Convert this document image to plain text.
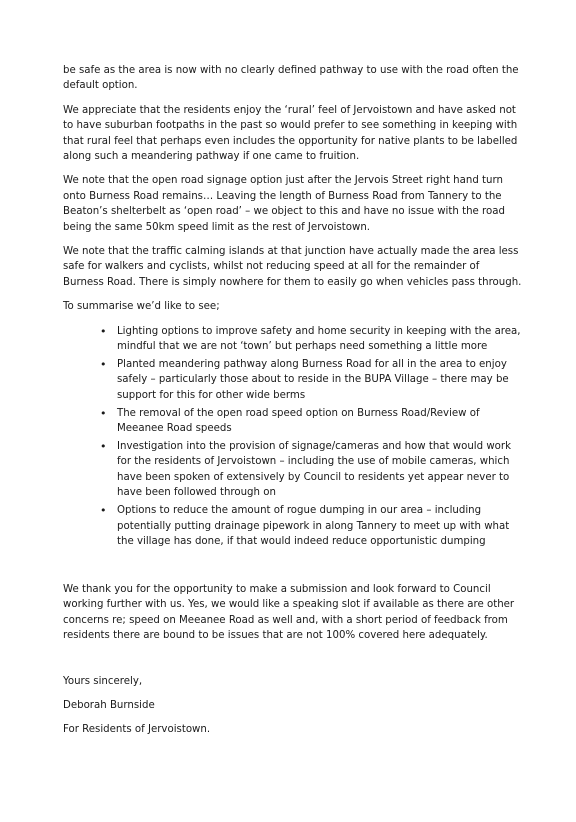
be safe as the area is now with no clearly defined pathway to use with the road often the default option.

We appreciate that the residents enjoy the ‘rural’ feel of Jervoistown and have asked not to have suburban footpaths in the past so would prefer to see something in keeping with that rural feel that perhaps even includes the opportunity for native plants to be labelled along such a meandering pathway if one came to fruition.

We note that the open road signage option just after the Jervois Street right hand turn onto Burness Road remains… Leaving the length of Burness Road from Tannery to the Beaton’s shelterbelt as ‘open road’ – we object to this and have no issue with the road being the same 50km speed limit as the rest of Jervoistown.

We note that the traffic calming islands at that junction have actually made the area less safe for walkers and cyclists, whilst not reducing speed at all for the remainder of Burness Road. There is simply nowhere for them to easily go when vehicles pass through.

To summarise we’d like to see;

• Lighting options to improve safety and home security in keeping with the area, mindful that we are not ‘town’ but perhaps need something a little more
• Planted meandering pathway along Burness Road for all in the area to enjoy safely – particularly those about to reside in the BUPA Village – there may be support for this for other wide berms
• The removal of the open road speed option on Burness Road/Review of Meeanee Road speeds
• Investigation into the provision of signage/cameras and how that would work for the residents of Jervoistown – including the use of mobile cameras, which have been spoken of extensively by Council to residents yet appear never to have been followed through on
• Options to reduce the amount of rogue dumping in our area – including potentially putting drainage pipework in along Tannery to meet up with what the village has done, if that would indeed reduce opportunistic dumping

We thank you for the opportunity to make a submission and look forward to Council working further with us. Yes, we would like a speaking slot if available as there are other concerns re; speed on Meeanee Road as well and, with a short period of feedback from residents there are bound to be issues that are not 100% covered here adequately.

Yours sincerely,

Deborah Burnside

For Residents of Jervoistown.
